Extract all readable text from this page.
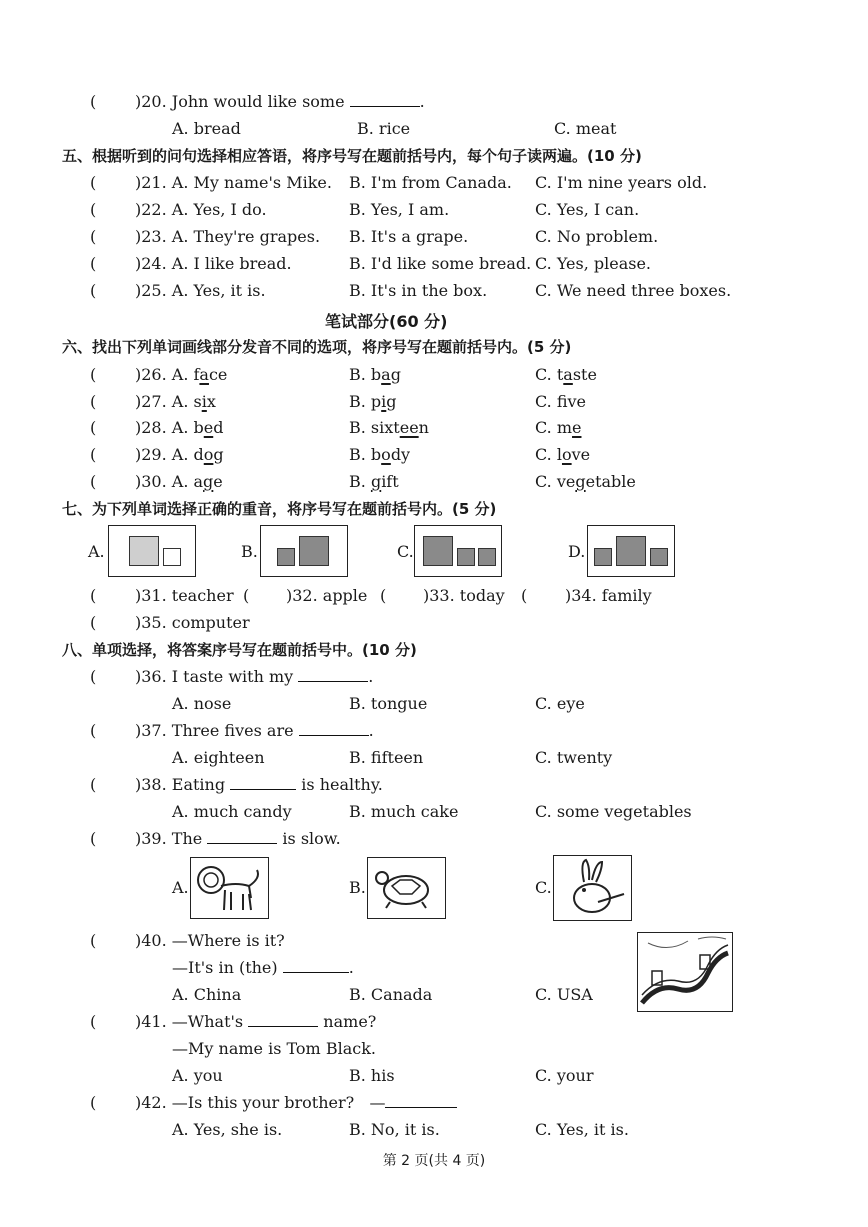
( )20. John would like some	.
A. bread	B. rice	C. meat
五、根据听到的问句选择相应答语，将序号写在题前括号内，每个句子读两遍。(10 分)
( )21. A. My name's Mike. B. I'm from Canada. C. I'm nine years old.
( )22. A. Yes, I do.	B. Yes, I am.	C. Yes, I can.
( )23. A. They're grapes. B. It's a grape.	C. No problem.
( )24. A. I like bread.	B. I'd like some bread. C. Yes, please.
( )25. A. Yes, it is.	B. It's in the box.	C. We need three boxes.
笔试部分(60 分)
六、找出下列单词画线部分发音不同的选项，将序号写在题前括号内。(5 分)
( )26. A. face	B. bag	C. taste
( )27. A. six	B. pig	C. fve
( )28. A. bed	B. sixteen	C. me
( )29. A. dog	B. body	C. love
( )30. A. age	B. gift	C. vegetable
七、为下列单词选择正确的重音，将序号写在题前括号内。(5 分)
A.	B.	C.	D.
( )31. teacher ( )32. apple ( )33. today ( )34. family
( )35. computer
八、单项选择，将答案序号写在题前括号中。(10 分)
( )36. I taste with my	.
A. nose	B. tongue	C. eye
( )37. Three fives are	.
A. eighteen	B. fifteen	C. twenty
( )38. Eating	is healthy.
A. much candy	B. much cake	C. some vegetables
( )39. The	is slow.
A.	B.	C.
( )40. —Where is it?
—It's in (the)	.
A. China	B. Canada	C. USA
( )41. —What's	name?
—My name is Tom Black.
A. you	B. his	C. your
( )42. —Is this your brother? —
A. Yes, she is.	B. No, it is.	C. Yes, it is.
第 2 页(共 4 页)
